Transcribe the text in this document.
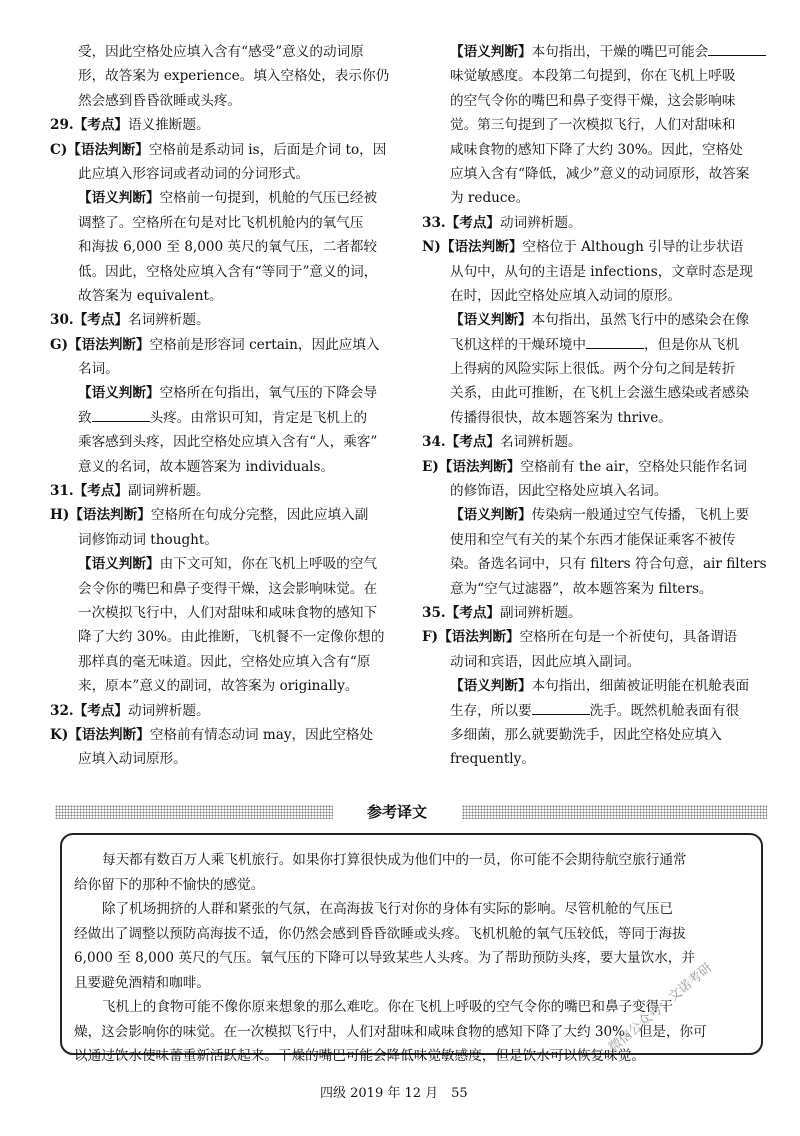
受，因此空格处应填入含有“感受”意义的动词原
形，故答案为 experience。填入空格处，表示你仍
然会感到昏昏欲睡或头疼。
29.【考点】语义推断题。
C)【语法判断】空格前是系动词 is，后面是介词 to，因
此应填入形容词或者动词的分词形式。
【语义判断】空格前一句提到，机舱的气压已经被
调整了。空格所在句是对比飞机机舱内的氧气压
和海拔 6,000 至 8,000 英尺的氧气压，二者都较
低。因此，空格处应填入含有“等同于”意义的词，
故答案为 equivalent。
30.【考点】名词辨析题。
G)【语法判断】空格前是形容词 certain，因此应填入
名词。
【语义判断】空格所在句指出，氧气压的下降会导
致	头疼。由常识可知，肯定是飞机上的
乘客感到头疼，因此空格处应填入含有“人，乘客”
意义的名词，故本题答案为 individuals。
31.【考点】副词辨析题。
H)【语法判断】空格所在句成分完整，因此应填入副
词修饰动词 thought。
【语义判断】由下文可知，你在飞机上呼吸的空气
会令你的嘴巴和鼻子变得干燥，这会影响味觉。在
一次模拟飞行中，人们对甜味和咸味食物的感知下
降了大约 30%。由此推断，飞机餐不一定像你想的
那样真的毫无味道。因此，空格处应填入含有“原
来，原本”意义的副词，故答案为 originally。
32.【考点】动词辨析题。
K)【语法判断】空格前有情态动词 may，因此空格处
应填入动词原形。
【语义判断】本句指出，干燥的嘴巴可能会
味觉敏感度。本段第二句提到，你在飞机上呼吸
的空气令你的嘴巴和鼻子变得干燥，这会影响味
觉。第三句提到了一次模拟飞行，人们对甜味和
咸味食物的感知下降了大约 30%。因此，空格处
应填入含有“降低，减少”意义的动词原形，故答案
为 reduce。
33.【考点】动词辨析题。
N)【语法判断】空格位于 Although 引导的让步状语
从句中，从句的主语是 infections，文章时态是现
在时，因此空格处应填入动词的原形。
【语义判断】本句指出，虽然飞行中的感染会在像
飞机这样的干燥环境中	，但是你从飞机
上得病的风险实际上很低。两个分句之间是转折
关系，由此可推断，在飞机上会滋生感染或者感染
传播得很快，故本题答案为 thrive。
34.【考点】名词辨析题。
E)【语法判断】空格前有 the air，空格处只能作名词
的修饰语，因此空格处应填入名词。
【语义判断】传染病一般通过空气传播，飞机上要
使用和空气有关的某个东西才能保证乘客不被传
染。备选名词中，只有 filters 符合句意，air filters
意为“空气过滤器”，故本题答案为 filters。
35.【考点】副词辨析题。
F)【语法判断】空格所在句是一个祈使句，具备谓语
动词和宾语，因此应填入副词。
【语义判断】本句指出，细菌被证明能在机舱表面
生存，所以要	洗手。既然机舱表面有很
多细菌，那么就要勤洗手，因此空格处应填入
frequently。
参考译文
每天都有数百万人乘飞机旅行。如果你打算很快成为他们中的一员，你可能不会期待航空旅行通常
给你留下的那种不愉快的感觉。
除了机场拥挤的人群和紧张的气氛，在高海拔飞行对你的身体有实际的影响。尽管机舱的气压已
经做出了调整以预防高海拔不适，你仍然会感到昏昏欲睡或头疼。飞机机舱的氧气压较低，等同于海拔
6,000 至 8,000 英尺的气压。氧气压的下降可以导致某些人头疼。为了帮助预防头疼，要大量饮水，并
且要避免酒精和咖啡。
飞机上的食物可能不像你原来想象的那么难吃。你在飞机上呼吸的空气令你的嘴巴和鼻子变得干
燥，这会影响你的味觉。在一次模拟飞行中，人们对甜味和咸味食物的感知下降了大约 30%。但是，你可
以通过饮水使味蕾重新活跃起来。干燥的嘴巴可能会降低味觉敏感度，但是饮水可以恢复味觉。
四级 2019 年 12 月　55
微信公众号：文诺考研
